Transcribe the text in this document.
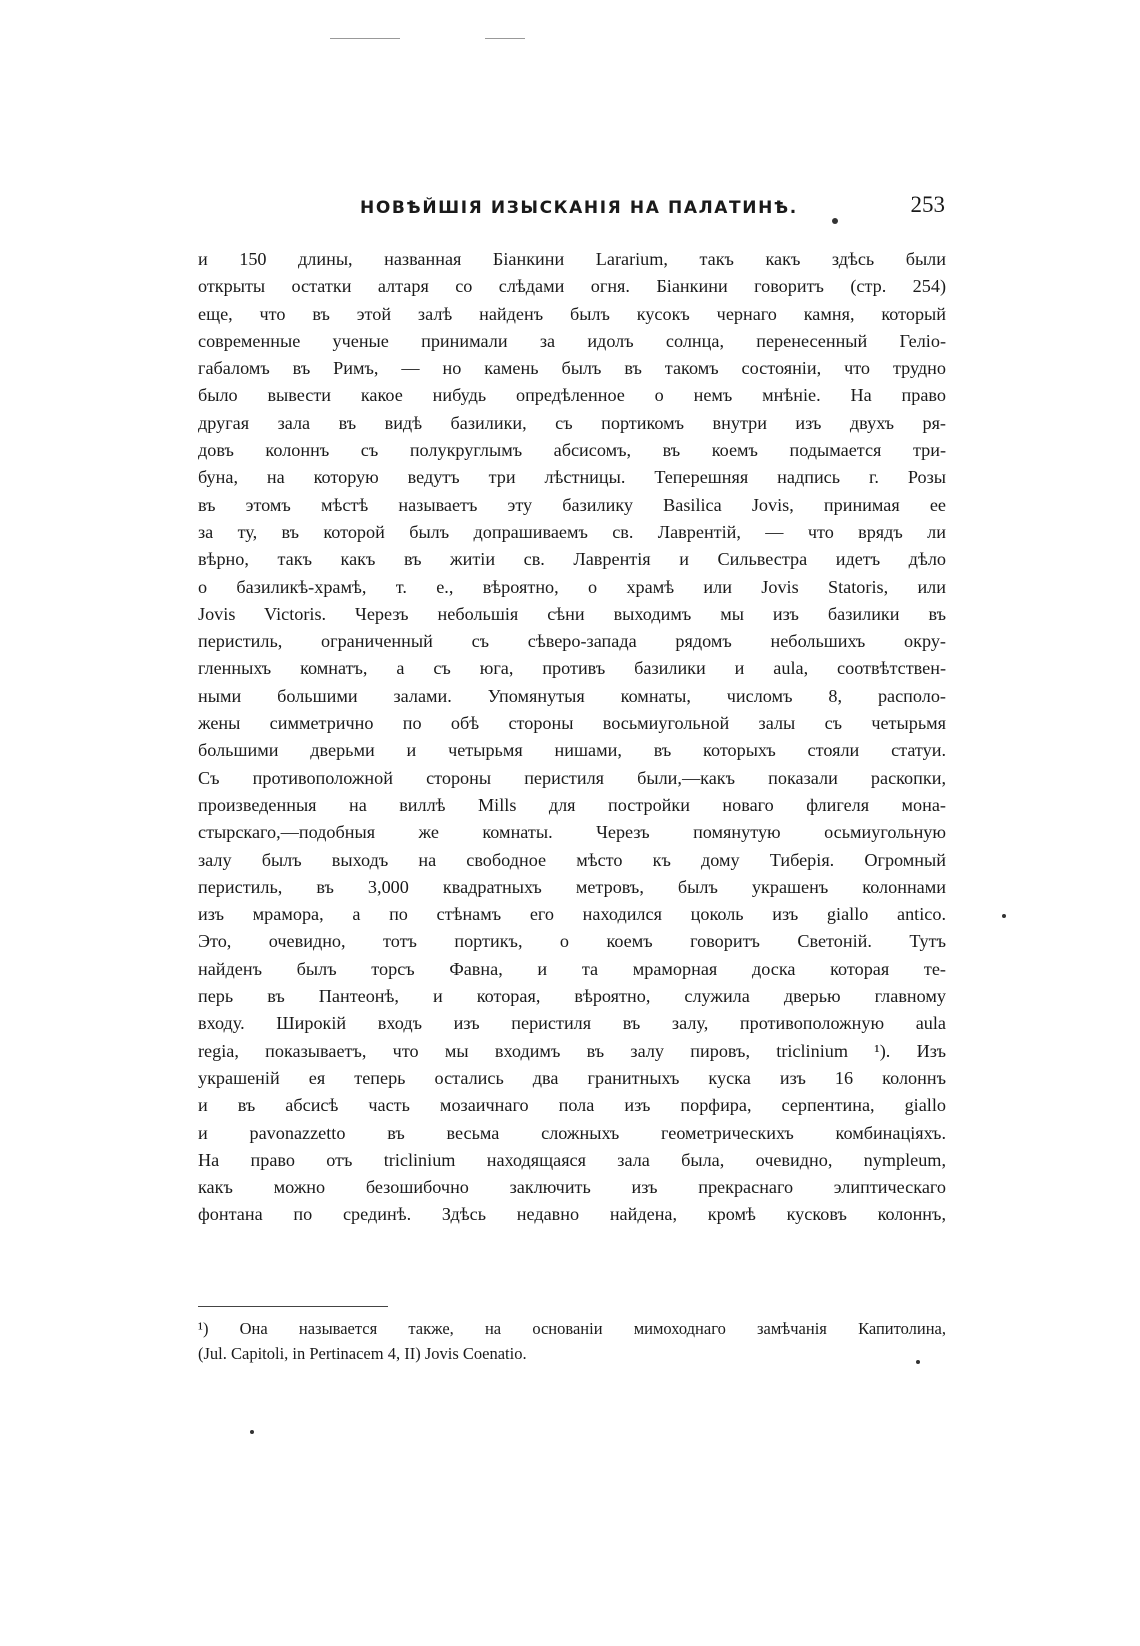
НОВѢЙШІЯ ИЗЫСКАНІЯ НА ПАЛАТИНѢ.	253
и 150 длины, названная Біанкини Lararium, такъ какъ здѣсь были
открыты остатки алтаря со слѣдами огня. Біанкини говоритъ (стр. 254)
еще, что въ этой залѣ найденъ былъ кусокъ чернаго камня, который
современные ученые принимали за идолъ солнца, перенесенный Геліо-
габаломъ въ Римъ, — но камень былъ въ такомъ состояніи, что трудно
было вывести какое нибудь опредѣленное о немъ мнѣніе. На право
другая зала въ видѣ базилики, съ портикомъ внутри изъ двухъ ря-
довъ колоннъ съ полукруглымъ абсисомъ, въ коемъ подымается три-
буна, на которую ведутъ три лѣстницы. Теперешняя надпись г. Розы
въ этомъ мѣстѣ называетъ эту базилику Basilica Jovis, принимая ее
за ту, въ которой былъ допрашиваемъ св. Лаврентій, — что врядъ ли
вѣрно, такъ какъ въ житіи св. Лаврентія и Сильвестра идетъ дѣло
о базиликѣ-храмѣ, т. е., вѣроятно, о храмѣ или Jovis Statoris, или
Jovis Victoris. Черезъ небольшія сѣни выходимъ мы изъ базилики въ
перистиль, ограниченный съ сѣверо-запада рядомъ небольшихъ окру-
гленныхъ комнатъ, а съ юга, противъ базилики и aula, соотвѣтствен-
ными большими залами. Упомянутыя комнаты, числомъ 8, располо-
жены симметрично по обѣ стороны восьмиугольной залы съ четырьмя
большими дверьми и четырьмя нишами, въ которыхъ стояли статуи.
Съ противоположной стороны перистиля были,—какъ показали раскопки,
произведенныя на виллѣ Mills для постройки новаго флигеля мона-
стырскаго,—подобныя же комнаты. Черезъ помянутую осьмиугольную
залу былъ выходъ на свободное мѣсто къ дому Тиберія. Огромный
перистиль, въ 3,000 квадратныхъ метровъ, былъ украшенъ колоннами
изъ мрамора, а по стѣнамъ его находился цоколь изъ giallo antico.
Это, очевидно, тотъ портикъ, о коемъ говоритъ Светоній. Тутъ
найденъ былъ торсъ Фавна, и та мраморная доска которая те-
перь въ Пантеонѣ, и которая, вѣроятно, служила дверью главному
входу. Широкій входъ изъ перистиля въ залу, противоположную aula
regia, показываетъ, что мы входимъ въ залу пировъ, triclinium ¹). Изъ
украшеній ея теперь остались два гранитныхъ куска изъ 16 колоннъ
и въ абсисѣ часть мозаичнаго пола изъ порфира, серпентина, giallo
и pavonazzetto въ весьма сложныхъ геометрическихъ комбинаціяхъ.
На право отъ triclinium находящаяся зала была, очевидно, nympleum,
какъ можно безошибочно заключить изъ прекраснаго элиптическаго
фонтана по срединѣ. Здѣсь недавно найдена, кромѣ кусковъ колоннъ,
¹) Она называется также, на основаніи мимоходнаго замѣчанія Капитолина,
(Jul. Capitoli, in Pertinacem 4, II) Jovis Coenatio.
